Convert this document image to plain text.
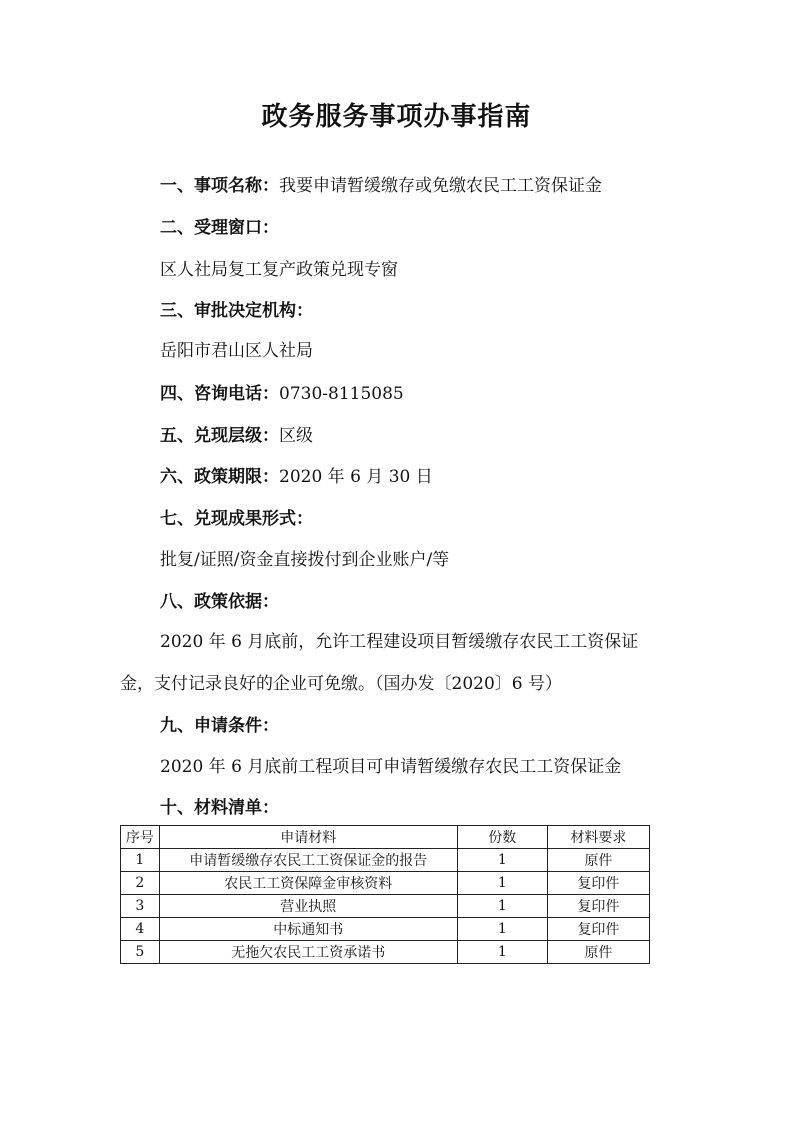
政务服务事项办事指南
一、事项名称：我要申请暂缓缴存或免缴农民工工资保证金
二、受理窗口：
区人社局复工复产政策兑现专窗
三、审批决定机构：
岳阳市君山区人社局
四、咨询电话：0730-8115085
五、兑现层级：区级
六、政策期限：2020 年 6 月 30 日
七、兑现成果形式：
批复/证照/资金直接拨付到企业账户/等
八、政策依据：
2020 年 6 月底前，允许工程建设项目暂缓缴存农民工工资保证
金，支付记录良好的企业可免缴。（国办发〔2020〕6 号）
九、申请条件：
2020 年 6 月底前工程项目可申请暂缓缴存农民工工资保证金
十、材料清单：
序号	申请材料	份数	材料要求
1	申请暂缓缴存农民工工资保证金的报告	1	原件
2	农民工工资保障金审核资料	1	复印件
3	营业执照	1	复印件
4	中标通知书	1	复印件
5	无拖欠农民工工资承诺书	1	原件
